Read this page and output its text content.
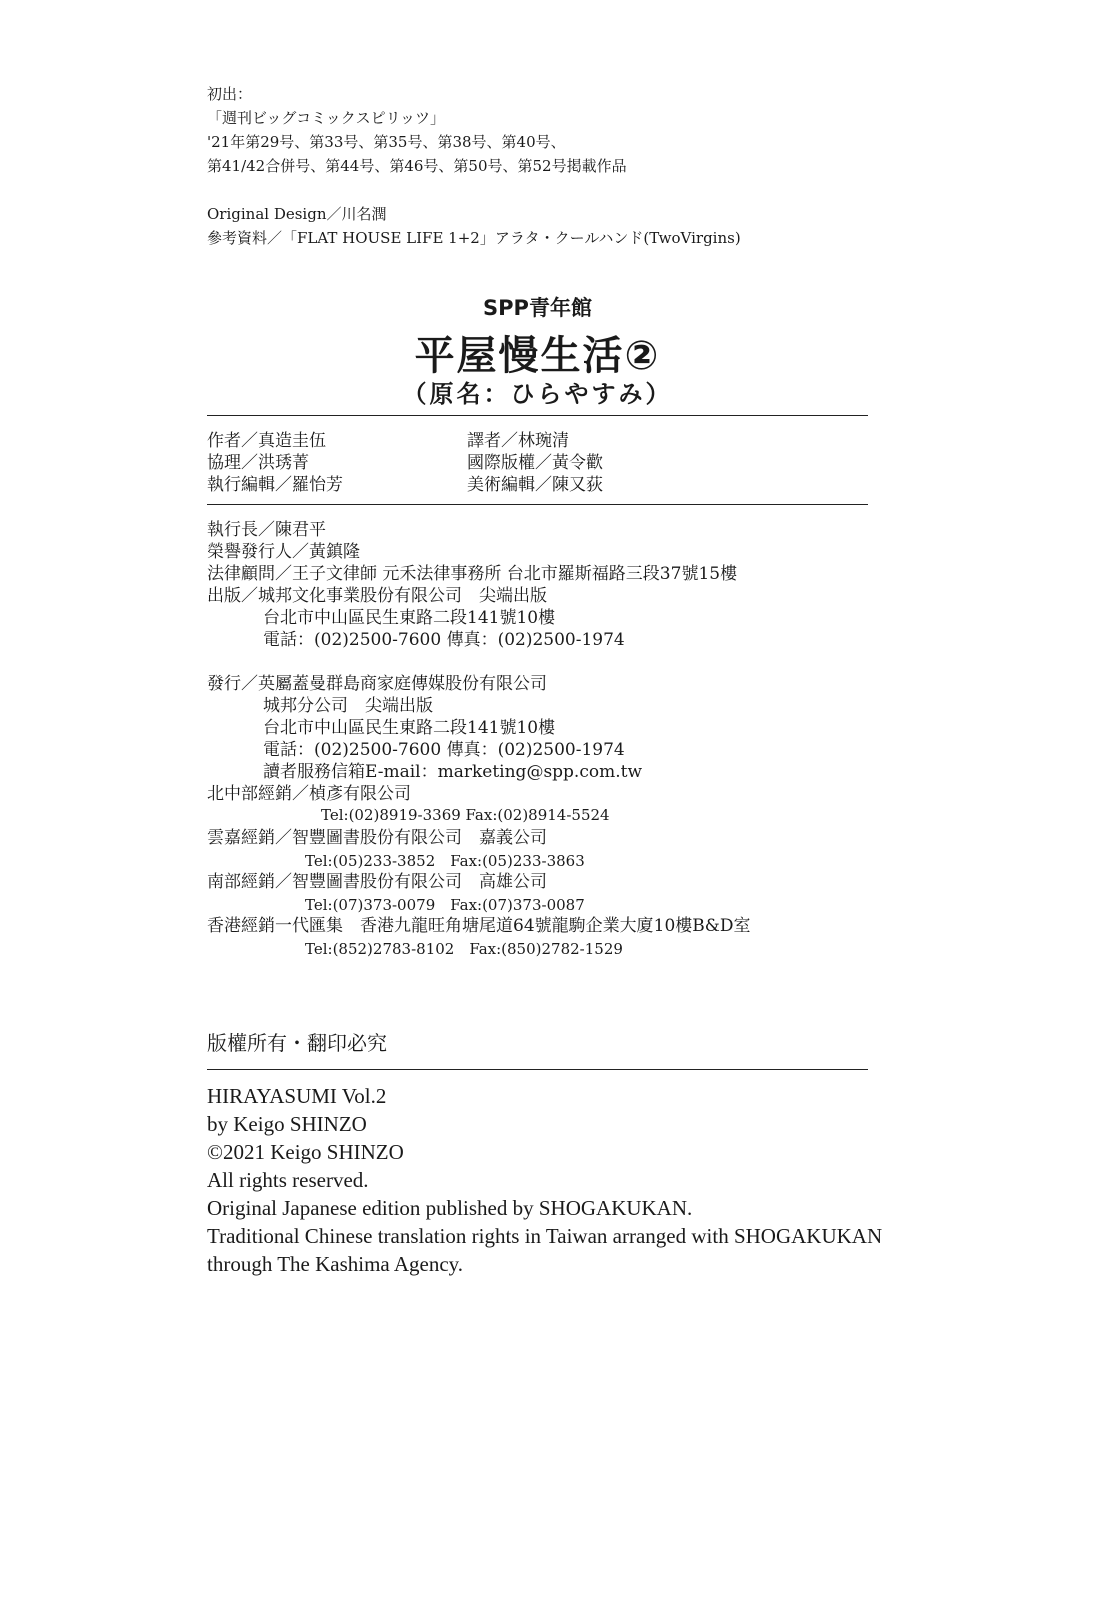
初出：
「週刊ビッグコミックスピリッツ」
'21年第29号、第33号、第35号、第38号、第40号、
第41/42合併号、第44号、第46号、第50号、第52号掲載作品
Original Design／川名潤
參考資料／「FLAT HOUSE LIFE 1+2」アラタ・クールハンド(TwoVirgins)
SPP青年館
平屋慢生活②
（原名：ひらやすみ）
作者／真造圭伍
協理／洪琇菁
執行編輯／羅怡芳
譯者／林琬清
國際版權／黃令歡
美術編輯／陳又荻
執行長／陳君平
榮譽發行人／黃鎮隆
法律顧問／王子文律師 元禾法律事務所 台北市羅斯福路三段37號15樓
出版／城邦文化事業股份有限公司　尖端出版
台北市中山區民生東路二段141號10樓
電話：(02)2500-7600 傳真：(02)2500-1974
發行／英屬蓋曼群島商家庭傳媒股份有限公司
城邦分公司　尖端出版
台北市中山區民生東路二段141號10樓
電話：(02)2500-7600 傳真：(02)2500-1974
讀者服務信箱E-mail：marketing@spp.com.tw
北中部經銷／楨彥有限公司
Tel:(02)8919-3369 Fax:(02)8914-5524
雲嘉經銷／智豐圖書股份有限公司　嘉義公司
Tel:(05)233-3852　Fax:(05)233-3863
南部經銷／智豐圖書股份有限公司　高雄公司
Tel:(07)373-0079　Fax:(07)373-0087
香港經銷一代匯集　香港九龍旺角塘尾道64號龍駒企業大廈10樓B&D室
Tel:(852)2783-8102　Fax:(850)2782-1529
版權所有・翻印必究
HIRAYASUMI Vol.2
by Keigo SHINZO
©2021 Keigo SHINZO
All rights reserved.
Original Japanese edition published by SHOGAKUKAN.
Traditional Chinese translation rights in Taiwan arranged with SHOGAKUKAN
through The Kashima Agency.
